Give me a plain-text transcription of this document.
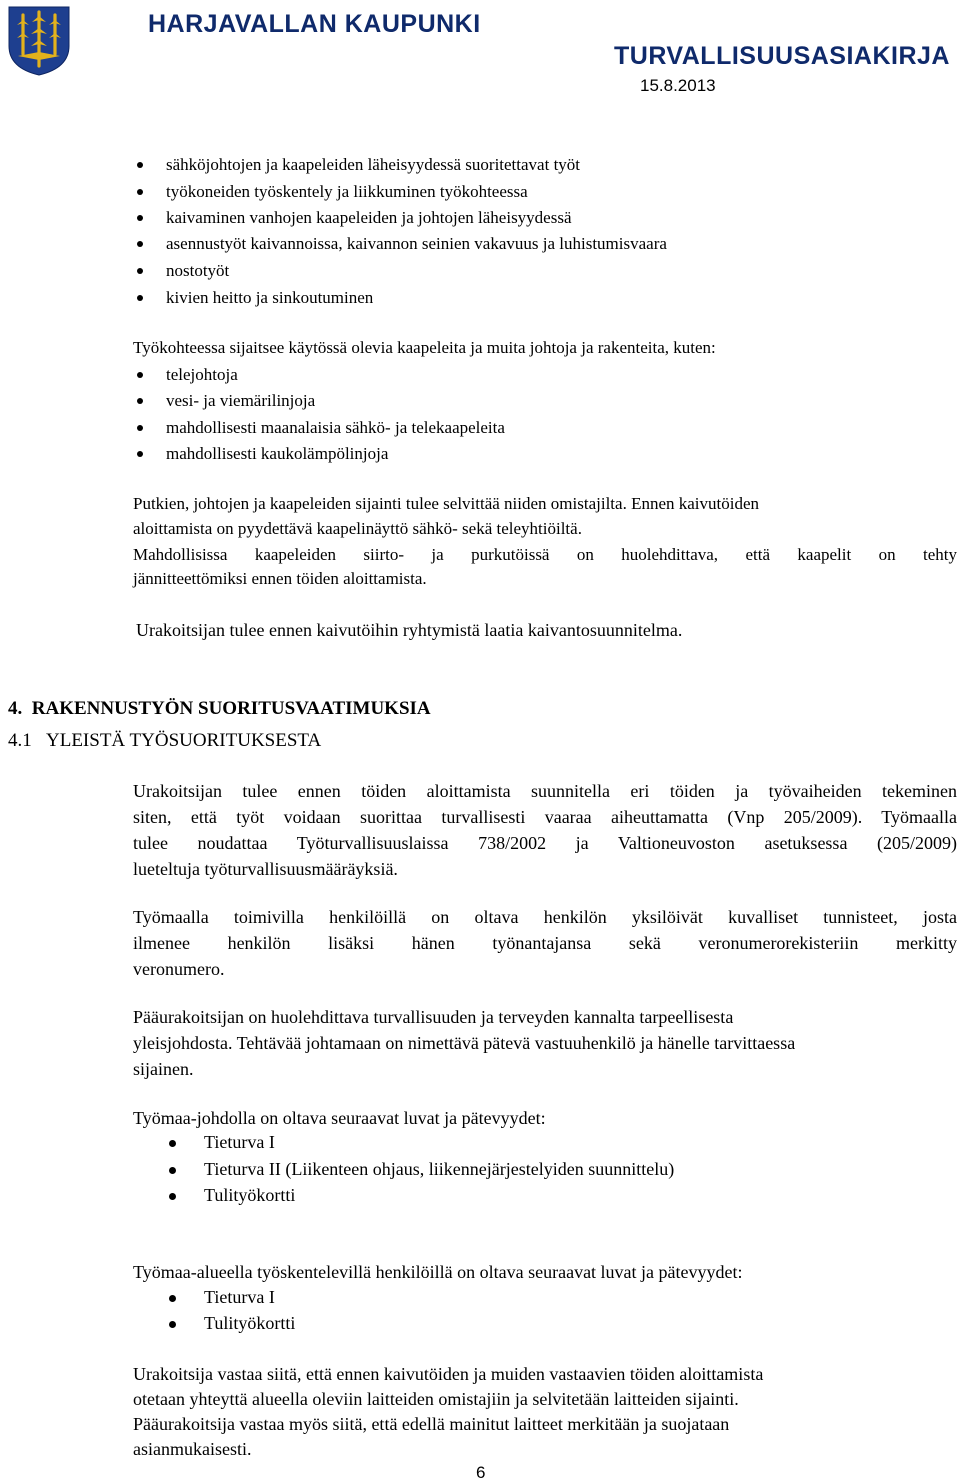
HARJAVALLAN KAUPUNKI
TURVALLISUUSASIAKIRJA
15.8.2013
sähköjohtojen ja kaapeleiden läheisyydessä suoritettavat työt
työkoneiden työskentely ja liikkuminen työkohteessa
kaivaminen vanhojen kaapeleiden ja johtojen läheisyydessä
asennustyöt kaivannoissa, kaivannon seinien vakavuus ja luhistumisvaara
nostotyöt
kivien heitto ja sinkoutuminen
Työkohteessa sijaitsee käytössä olevia kaapeleita ja muita johtoja ja rakenteita, kuten:
telejohtoja
vesi- ja viemärilinjoja
mahdollisesti maanalaisia sähkö- ja telekaapeleita
mahdollisesti kaukolämpölinjoja
Putkien, johtojen ja kaapeleiden sijainti tulee selvittää niiden omistajilta. Ennen kaivutöiden
aloittamista on pyydettävä kaapelinäyttö sähkö- sekä teleyhtiöiltä.
Mahdollisissa kaapeleiden siirto- ja purkutöissä on huolehdittava, että kaapelit on tehty
jännitteettömiksi ennen töiden aloittamista.
Urakoitsijan tulee ennen kaivutöihin ryhtymistä laatia kaivantosuunnitelma.
4. RAKENNUSTYÖN SUORITUSVAATIMUKSIA
4.1 YLEISTÄ TYÖSUORITUKSESTA
Urakoitsijan tulee ennen töiden aloittamista suunnitella eri töiden ja työvaiheiden tekeminen
siten, että työt voidaan suorittaa turvallisesti vaaraa aiheuttamatta (Vnp 205/2009). Työmaalla
tulee noudattaa Työturvallisuuslaissa 738/2002 ja Valtioneuvoston asetuksessa (205/2009)
lueteltuja työturvallisuusmääräyksiä.
Työmaalla toimivilla henkilöillä on oltava henkilön yksilöivät kuvalliset tunnisteet, josta
ilmenee henkilön lisäksi hänen työnantajansa sekä veronumerorekisteriin merkitty
veronumero.
Pääurakoitsijan on huolehdittava turvallisuuden ja terveyden kannalta tarpeellisesta
yleisjohdosta. Tehtävää johtamaan on nimettävä pätevä vastuuhenkilö ja hänelle tarvittaessa
sijainen.
Työmaa-johdolla on oltava seuraavat luvat ja pätevyydet:
Tieturva I
Tieturva II (Liikenteen ohjaus, liikennejärjestelyiden suunnittelu)
Tulityökortti
Työmaa-alueella työskentelevillä henkilöillä on oltava seuraavat luvat ja pätevyydet:
Tieturva I
Tulityökortti
Urakoitsija vastaa siitä, että ennen kaivutöiden ja muiden vastaavien töiden aloittamista
otetaan yhteyttä alueella oleviin laitteiden omistajiin ja selvitetään laitteiden sijainti.
Pääurakoitsija vastaa myös siitä, että edellä mainitut laitteet merkitään ja suojataan
asianmukaisesti.
6
